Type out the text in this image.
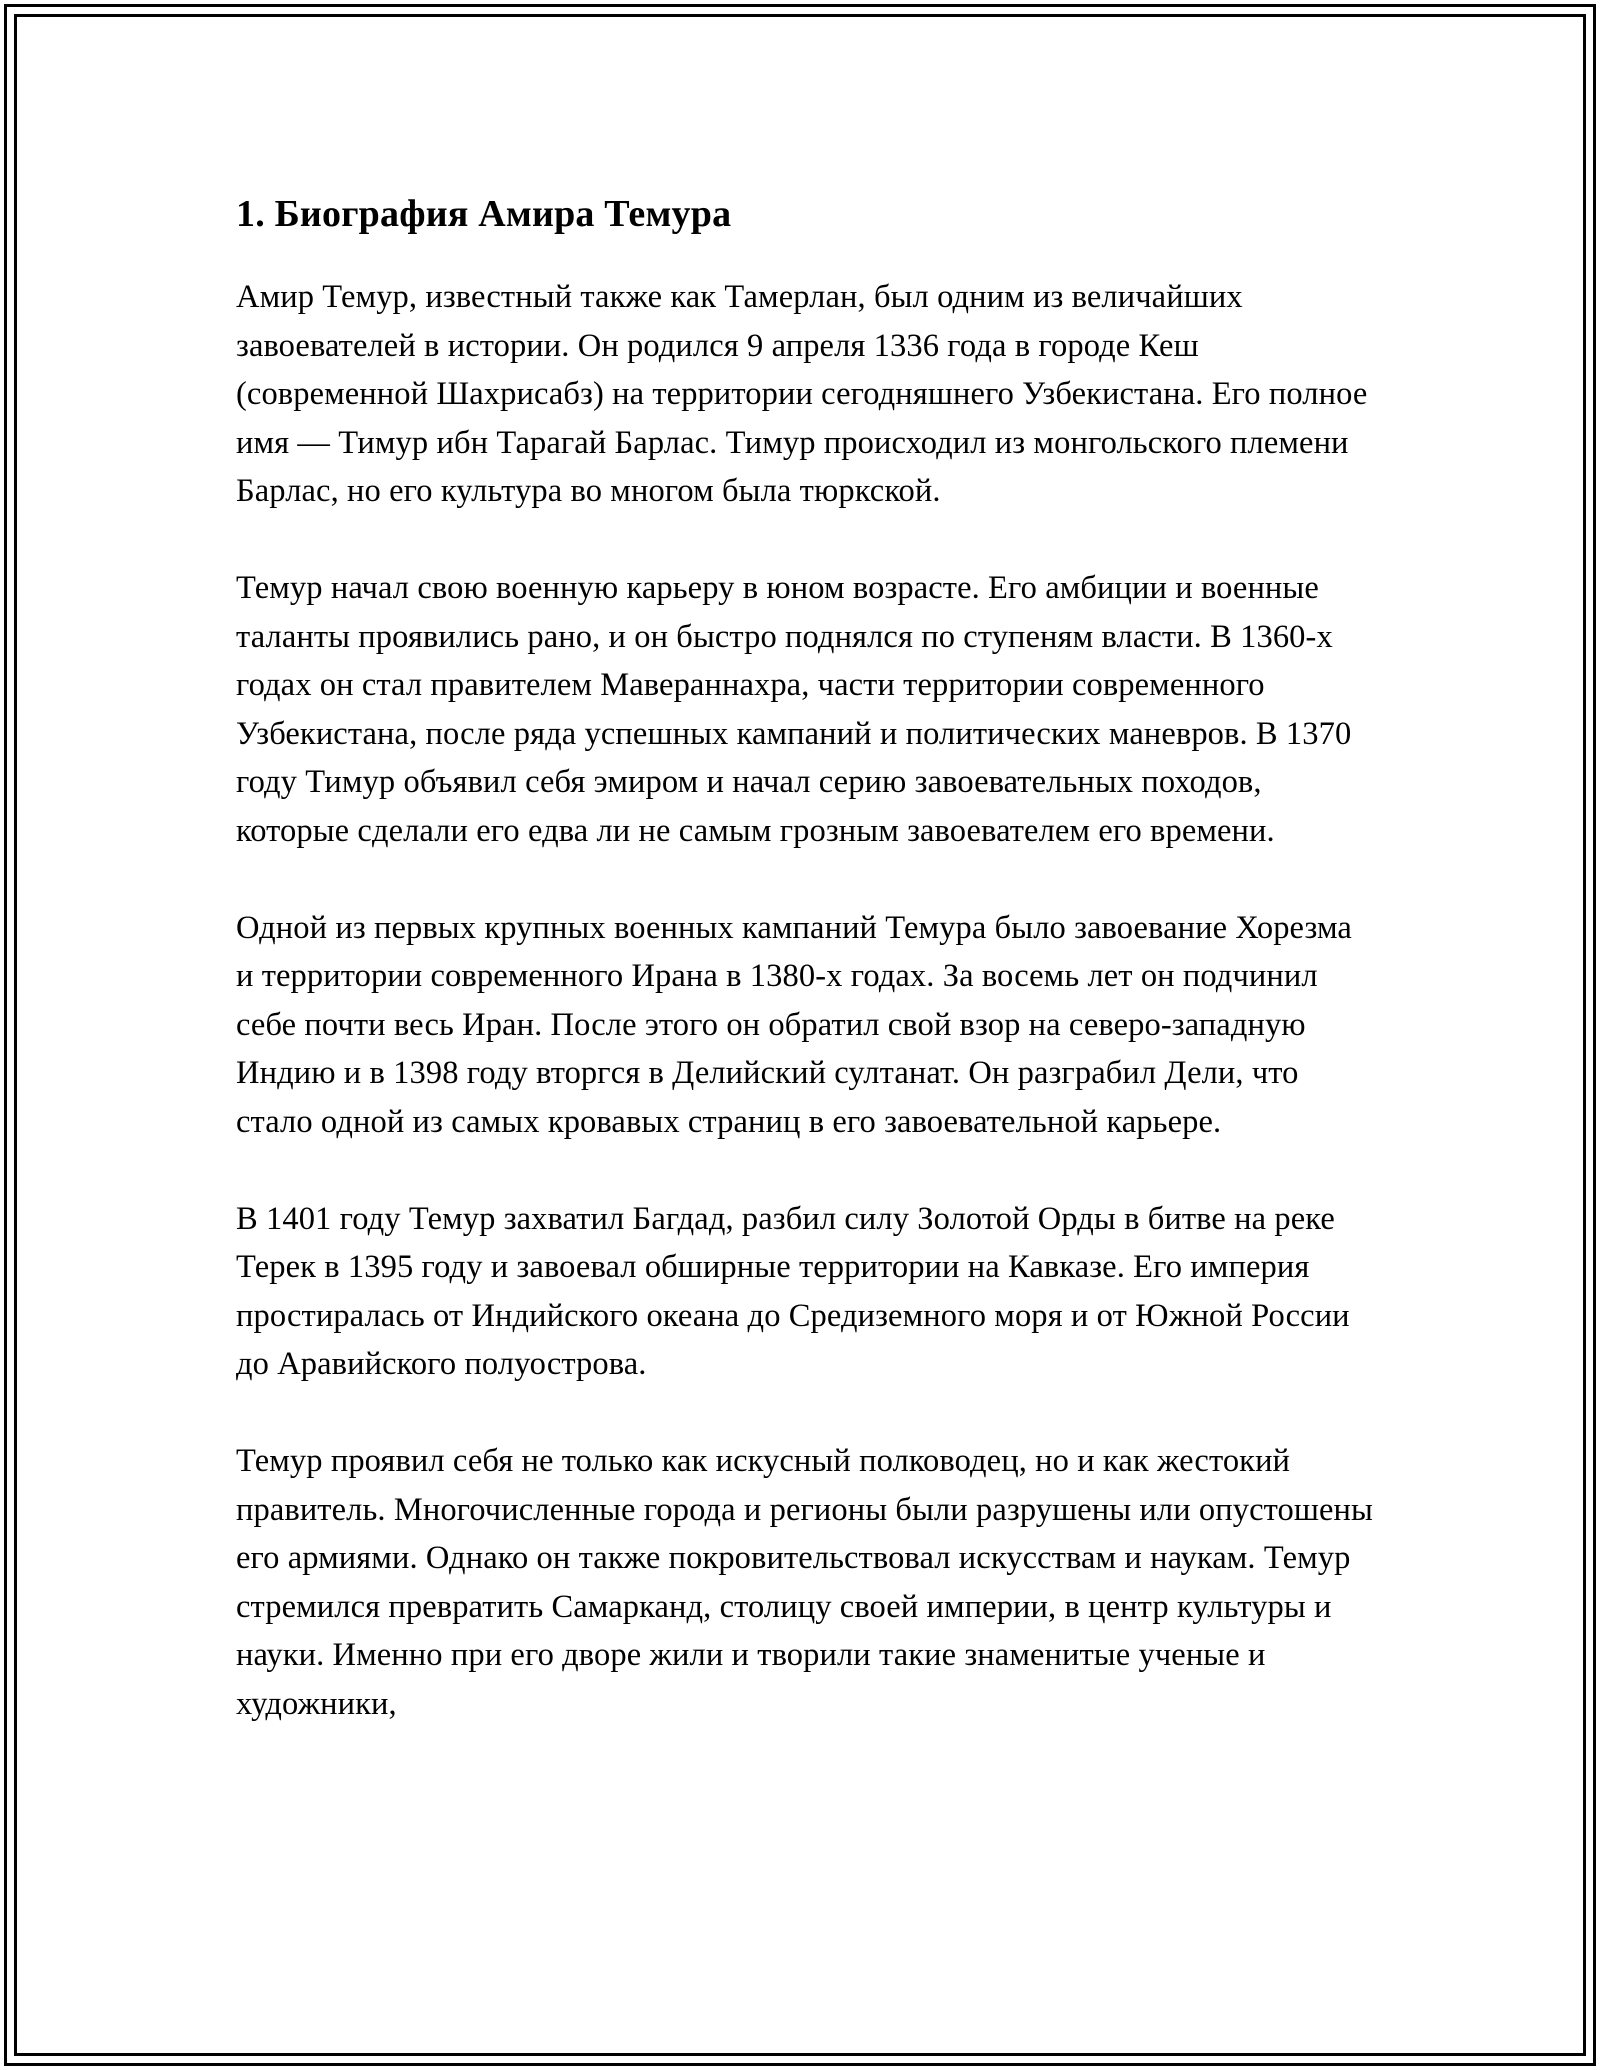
1. Биография Амира Темура

Амир Темур, известный также как Тамерлан, был одним из величайших завоевателей в истории. Он родился 9 апреля 1336 года в городе Кеш (современной Шахрисабз) на территории сегодняшнего Узбекистана. Его полное имя — Тимур ибн Тарагай Барлас. Тимур происходил из монгольского племени Барлас, но его культура во многом была тюркской.

Темур начал свою военную карьеру в юном возрасте. Его амбиции и военные таланты проявились рано, и он быстро поднялся по ступеням власти. В 1360-х годах он стал правителем Мавераннахра, части территории современного Узбекистана, после ряда успешных кампаний и политических маневров. В 1370 году Тимур объявил себя эмиром и начал серию завоевательных походов, которые сделали его едва ли не самым грозным завоевателем его времени.

Одной из первых крупных военных кампаний Темура было завоевание Хорезма и территории современного Ирана в 1380-х годах. За восемь лет он подчинил себе почти весь Иран. После этого он обратил свой взор на северо-западную Индию и в 1398 году вторгся в Делийский султанат. Он разграбил Дели, что стало одной из самых кровавых страниц в его завоевательной карьере.

В 1401 году Темур захватил Багдад, разбил силу Золотой Орды в битве на реке Терек в 1395 году и завоевал обширные территории на Кавказе. Его империя простиралась от Индийского океана до Средиземного моря и от Южной России до Аравийского полуострова.

Темур проявил себя не только как искусный полководец, но и как жестокий правитель. Многочисленные города и регионы были разрушены или опустошены его армиями. Однако он также покровительствовал искусствам и наукам. Темур стремился превратить Самарканд, столицу своей империи, в центр культуры и науки. Именно при его дворе жили и творили такие знаменитые ученые и художники,
